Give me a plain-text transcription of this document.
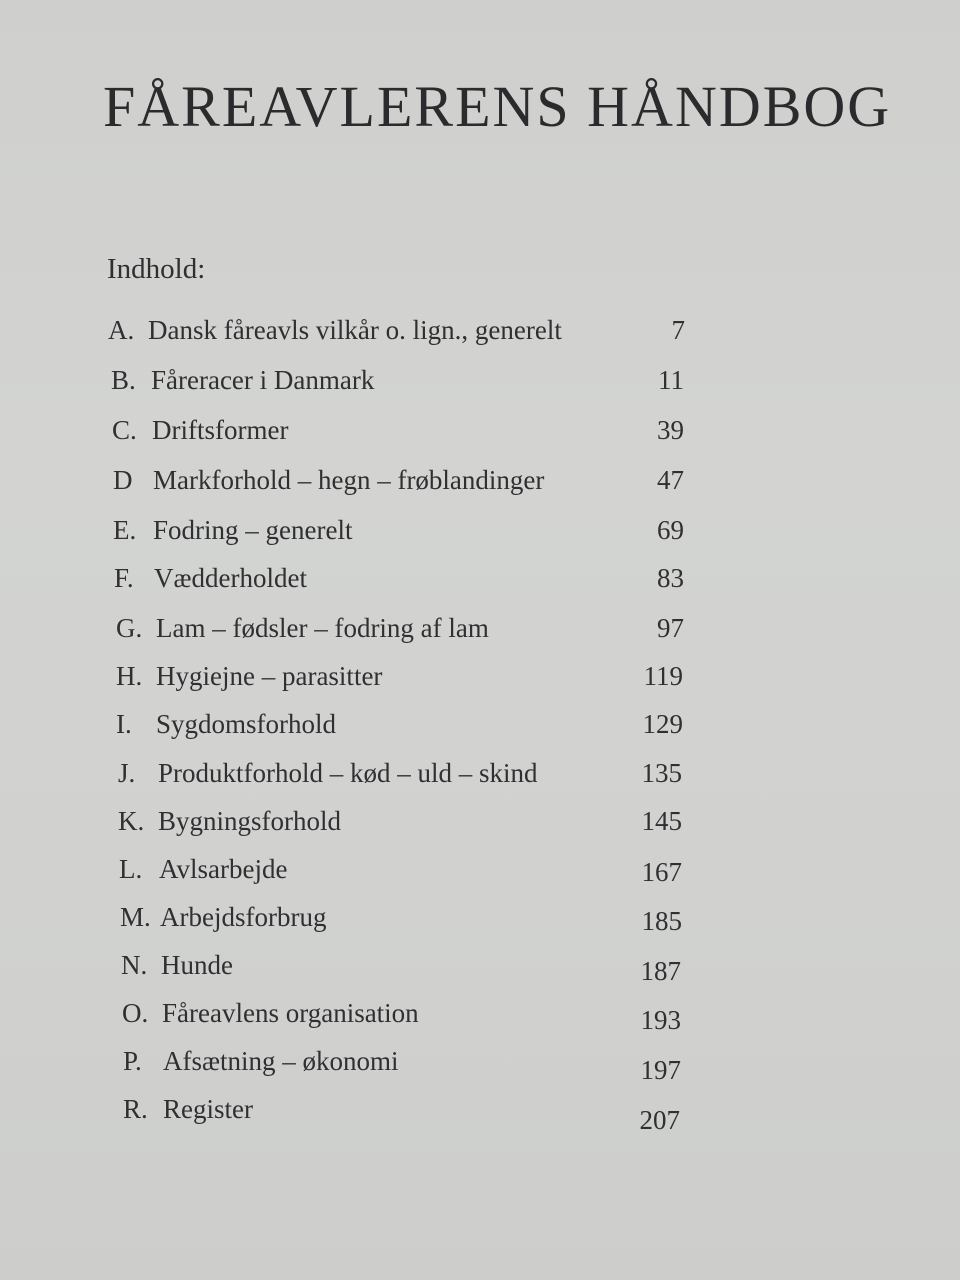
FÅREAVLERENS HÅNDBOG
Indhold:
A. Dansk fåreavls vilkår o. lign., generelt	7
B. Fåreracer i Danmark	11
C. Driftsformer	39
D Markforhold – hegn – frøblandinger	47
E. Fodring – generelt	69
F. Vædderholdet	83
G. Lam – fødsler – fodring af lam	97
H. Hygiejne – parasitter	119
I. Sygdomsforhold	129
J. Produktforhold – kød – uld – skind	135
K. Bygningsforhold	145
L. Avlsarbejde	167
M. Arbejdsforbrug	185
N. Hunde	187
O. Fåreavlens organisation	193
P. Afsætning – økonomi	197
R. Register	207
